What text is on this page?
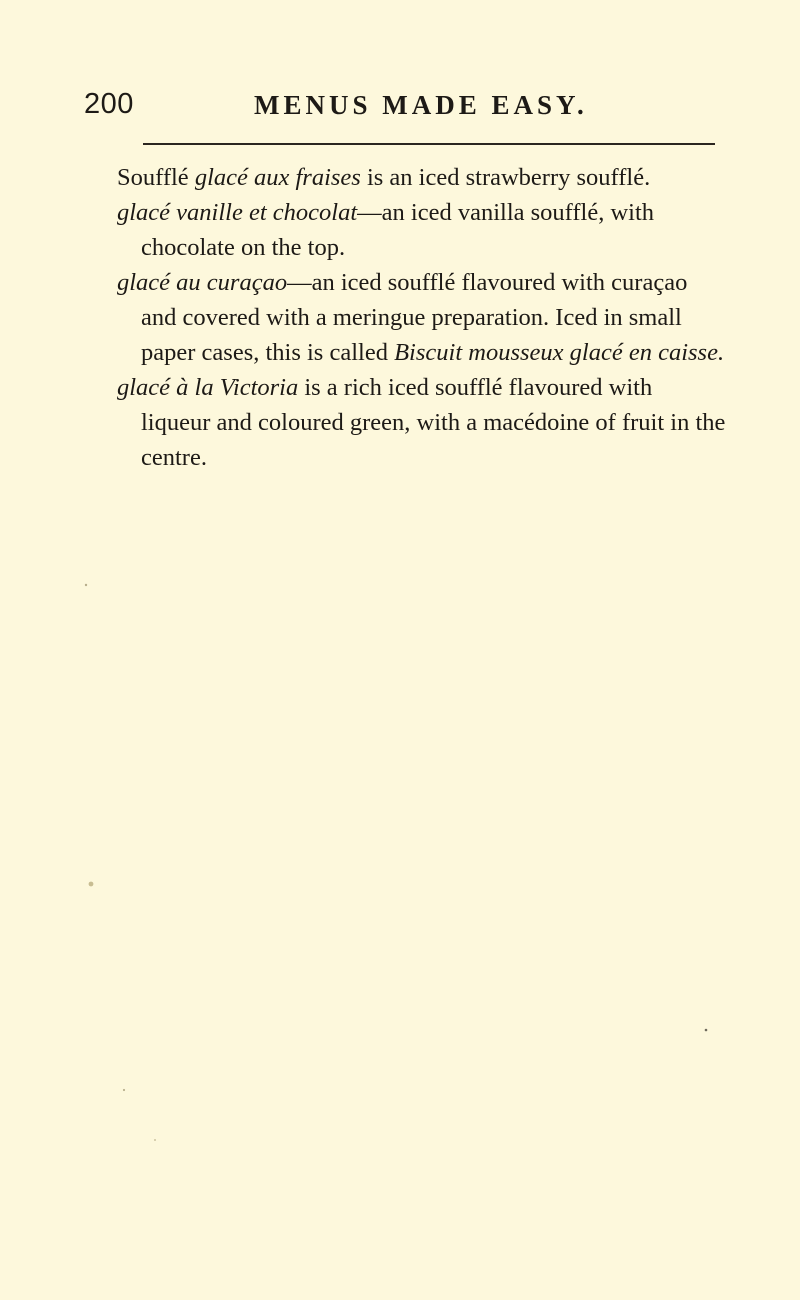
200	MENUS MADE EASY.

Soufflé glacé aux fraises is an iced strawberry soufflé.

glacé vanille et chocolat—an iced vanilla soufflé, with chocolate on the top.

glacé au curaçao—an iced soufflé flavoured with curaçao and covered with a meringue preparation. Iced in small paper cases, this is called Biscuit mousseux glacé en caisse.

glacé à la Victoria is a rich iced soufflé flavoured with liqueur and coloured green, with a macédoine of fruit in the centre.
